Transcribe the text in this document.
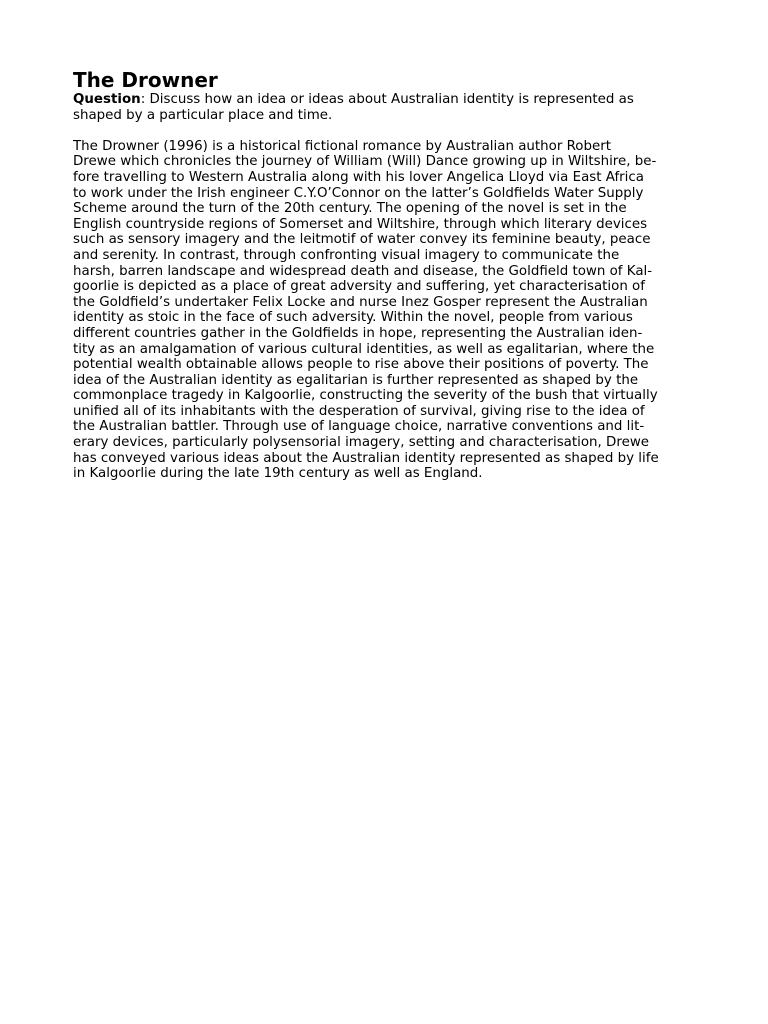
The Drowner

Question: Discuss how an idea or ideas about Australian identity is represented as
shaped by a particular place and time.

The Drowner (1996) is a historical fictional romance by Australian author Robert
Drewe which chronicles the journey of William (Will) Dance growing up in Wiltshire, be-
fore travelling to Western Australia along with his lover Angelica Lloyd via East Africa
to work under the Irish engineer C.Y.O’Connor on the latter’s Goldfields Water Supply
Scheme around the turn of the 20th century. The opening of the novel is set in the
English countryside regions of Somerset and Wiltshire, through which literary devices
such as sensory imagery and the leitmotif of water convey its feminine beauty, peace
and serenity. In contrast, through confronting visual imagery to communicate the
harsh, barren landscape and widespread death and disease, the Goldfield town of Kal-
goorlie is depicted as a place of great adversity and suffering, yet characterisation of
the Goldfield’s undertaker Felix Locke and nurse Inez Gosper represent the Australian
identity as stoic in the face of such adversity. Within the novel, people from various
different countries gather in the Goldfields in hope, representing the Australian iden-
tity as an amalgamation of various cultural identities, as well as egalitarian, where the
potential wealth obtainable allows people to rise above their positions of poverty. The
idea of the Australian identity as egalitarian is further represented as shaped by the
commonplace tragedy in Kalgoorlie, constructing the severity of the bush that virtually
unified all of its inhabitants with the desperation of survival, giving rise to the idea of
the Australian battler. Through use of language choice, narrative conventions and lit-
erary devices, particularly polysensorial imagery, setting and characterisation, Drewe
has conveyed various ideas about the Australian identity represented as shaped by life
in Kalgoorlie during the late 19th century as well as England.
